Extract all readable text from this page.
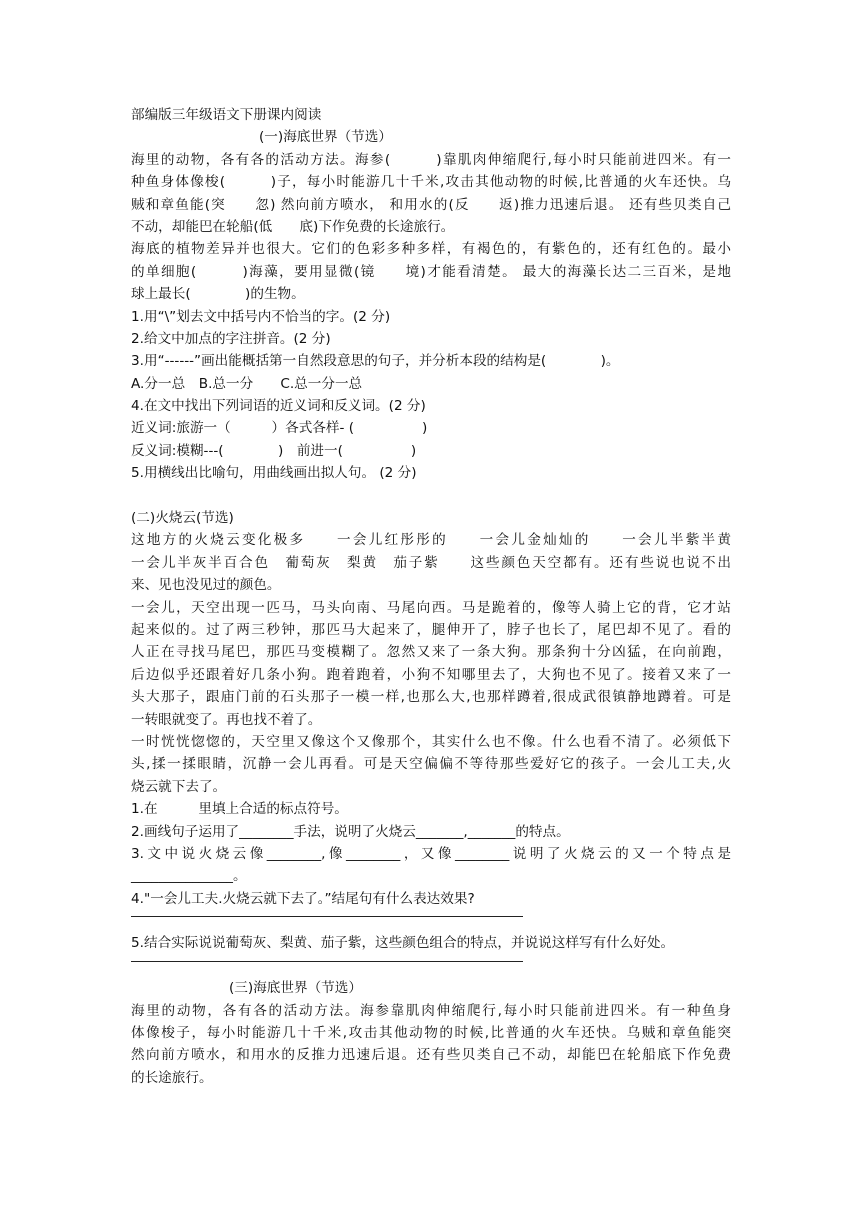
部编版三年级语文下册课内阅读

(一)海底世界（节选）

海里的动物，各有各的活动方法。海参(　　　)靠肌肉伸缩爬行,每小时只能前进四米。有一

种鱼身体像梭(　　　)子，每小时能游几十千米,攻击其他动物的时候,比普通的火车还快。乌

贼和章鱼能(突　　忽) 然向前方喷水， 和用水的(反　　返)推力迅速后退。 还有些贝类自己

不动，却能巴在轮船(低　　底)下作免费的长途旅行。

海底的植物差异并也很大。它们的色彩多种多样，有褐色的，有紫色的，还有红色的。最小

的单细胞(　　　)海藻，要用显微(镜　　境)才能看清楚。 最大的海藻长达二三百米，是地

球上最长(　　　　)的生物。

1.用“\”划去文中括号内不恰当的字。(2 分)

2.给文中加点的字注拼音。(2 分)

3.用“------”画出能概括第一自然段意思的句子，并分析本段的结构是(　　　　)。

A.分一总　B.总一分　　C.总一分一总

4.在文中找出下列词语的近义词和反义词。(2 分)

近义词:旅游一（　　　）各式各样- (　　　　　)

反义词:模糊---(　　　　)　前进一(　　　　　)

5.用横线出比喻句，用曲线画出拟人句。 (2 分)

(二)火烧云(节选)

这地方的火烧云变化极多　　一会儿红彤彤的　　一会儿金灿灿的　　一会儿半紫半黄

一会儿半灰半百合色　葡萄灰　梨黄　茄子紫　　这些颜色天空都有。还有些说也说不出

来、见也没见过的颜色。

一会儿，天空出现一匹马，马头向南、马尾向西。马是跪着的，像等人骑上它的背，它才站

起来似的。过了两三秒钟，那匹马大起来了，腿伸开了，脖子也长了，尾巴却不见了。看的

人正在寻找马尾巴，那匹马变模糊了。忽然又来了一条大狗。那条狗十分凶猛，在向前跑，

后边似乎还跟着好几条小狗。跑着跑着，小狗不知哪里去了，大狗也不见了。接着又来了一

头大那子，跟庙门前的石头那子一模一样,也那么大,也那样蹲着,很成武很镇静地蹲着。可是

一转眼就变了。再也找不着了。

一时恍恍惚惚的，天空里又像这个又像那个，其实什么也不像。什么也看不清了。必须低下

头,揉一揉眼睛，沉静一会儿再看。可是天空偏偏不等待那些爱好它的孩子。一会儿工夫,火

烧云就下去了。

1.在　　　里填上合适的标点符号。

2.画线句子运用了________手法，说明了火烧云_______,_______的特点。

3.文中说火烧云像________,像________，又像________说明了火烧云的又一个特点是

_______________。

4."一会儿工夫.火烧云就下去了。”结尾句有什么表达效果?

5.结合实际说说葡萄灰、梨黄、茄子紫，这些颜色组合的特点，并说说这样写有什么好处。

(三)海底世界（节选）

海里的动物，各有各的活动方法。海参靠肌肉伸缩爬行,每小时只能前进四米。有一种鱼身

体像梭子，每小时能游几十千米,攻击其他动物的时候,比普通的火车还快。乌贼和章鱼能突

然向前方喷水，和用水的反推力迅速后退。还有些贝类自己不动，却能巴在轮船底下作免费

的长途旅行。
